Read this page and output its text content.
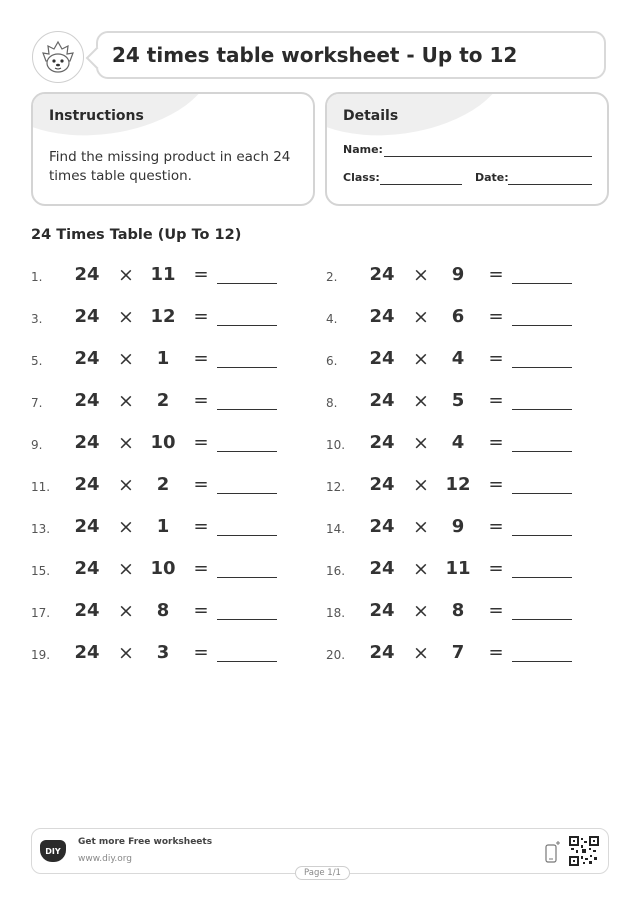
24 times table worksheet - Up to 12
Instructions
Find the missing product in each 24 times table question.
Details
Name:
Class:	Date:
24 Times Table (Up To 12)
1.	24 × 11 =	2.	24 ×	9	=
3.	24 × 12 =	4.	24 ×	6	=
5.	24 ×	1	=	6.	24 ×	4	=
7.	24 ×	2	=	8.	24 ×	5	=
9.	24 × 10 =	10.	24 ×	4	=
11.	24 ×	2	=	12.	24 × 12 =
13.	24 ×	1	=	14.	24 ×	9	=
15.	24 × 10 =	16.	24 × 11 =
17.	24 ×	8	=	18.	24 ×	8	=
19.	24 ×	3	=	20.	24 ×	7	=
DIY
Get more Free worksheets
www.diy.org
Page 1/1
